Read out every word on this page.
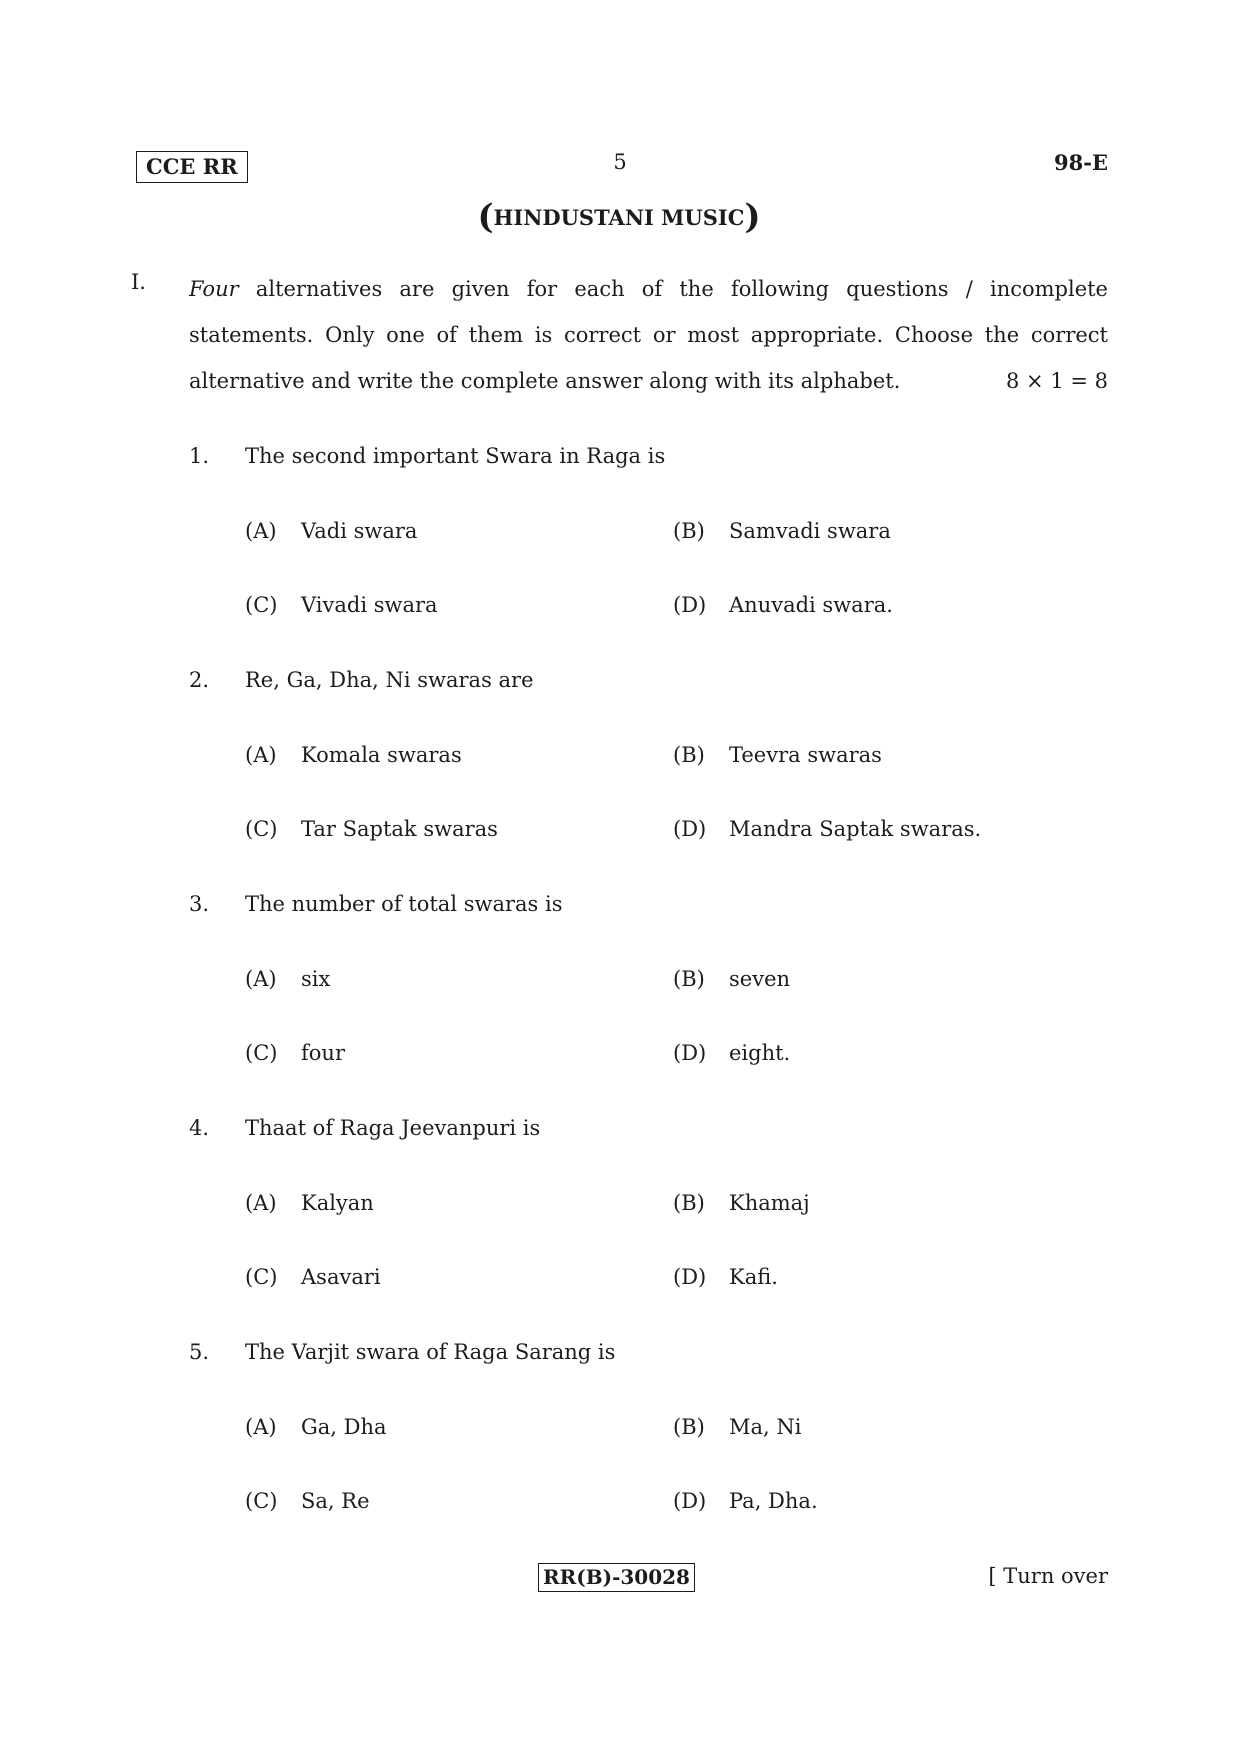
CCE RR	5	98-E
(HINDUSTANI MUSIC)
I. Four alternatives are given for each of the following questions / incomplete
statements. Only one of them is correct or most appropriate. Choose the correct
alternative and write the complete answer along with its alphabet.	8 × 1 = 8
1. The second important Swara in Raga is
(A) Vadi swara	(B) Samvadi swara
(C) Vivadi swara	(D) Anuvadi swara.
2. Re, Ga, Dha, Ni swaras are
(A) Komala swaras	(B) Teevra swaras
(C) Tar Saptak swaras	(D) Mandra Saptak swaras.
3. The number of total swaras is
(A) six	(B) seven
(C) four	(D) eight.
4. Thaat of Raga Jeevanpuri is
(A) Kalyan	(B) Khamaj
(C) Asavari	(D) Kafi.
5. The Varjit swara of Raga Sarang is
(A) Ga, Dha	(B) Ma, Ni
(C) Sa, Re	(D) Pa, Dha.
RR(B)-30028	[ Turn over
